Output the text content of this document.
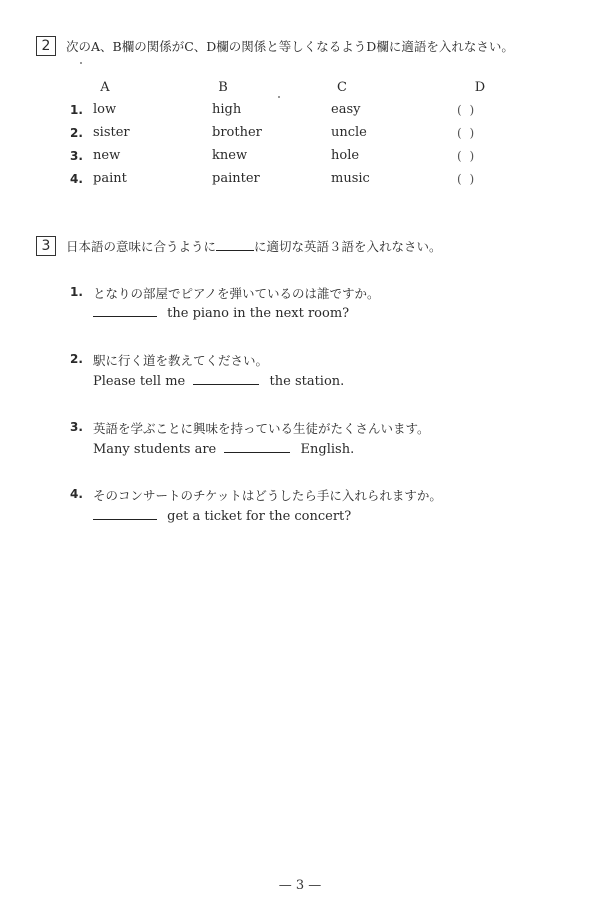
2	次のA、B欄の関係がC、D欄の関係と等しくなるようD欄に適語を入れなさい。
A	B	C	D
1. low	high	easy	( )
2. sister	brother	uncle	( )
3. new	knew	hole	( )
4. paint	painter	music	( )
3	日本語の意味に合うように	に適切な英語３語を入れなさい。
1. となりの部屋でピアノを弾いているのは誰ですか。
the piano in the next room?
2. 駅に行く道を教えてください。
Please tell me	the station.
3. 英語を学ぶことに興味を持っている生徒がたくさんいます。
Many students are	English.
4. そのコンサートのチケットはどうしたら手に入れられますか。
get a ticket for the concert?
— 3 —
